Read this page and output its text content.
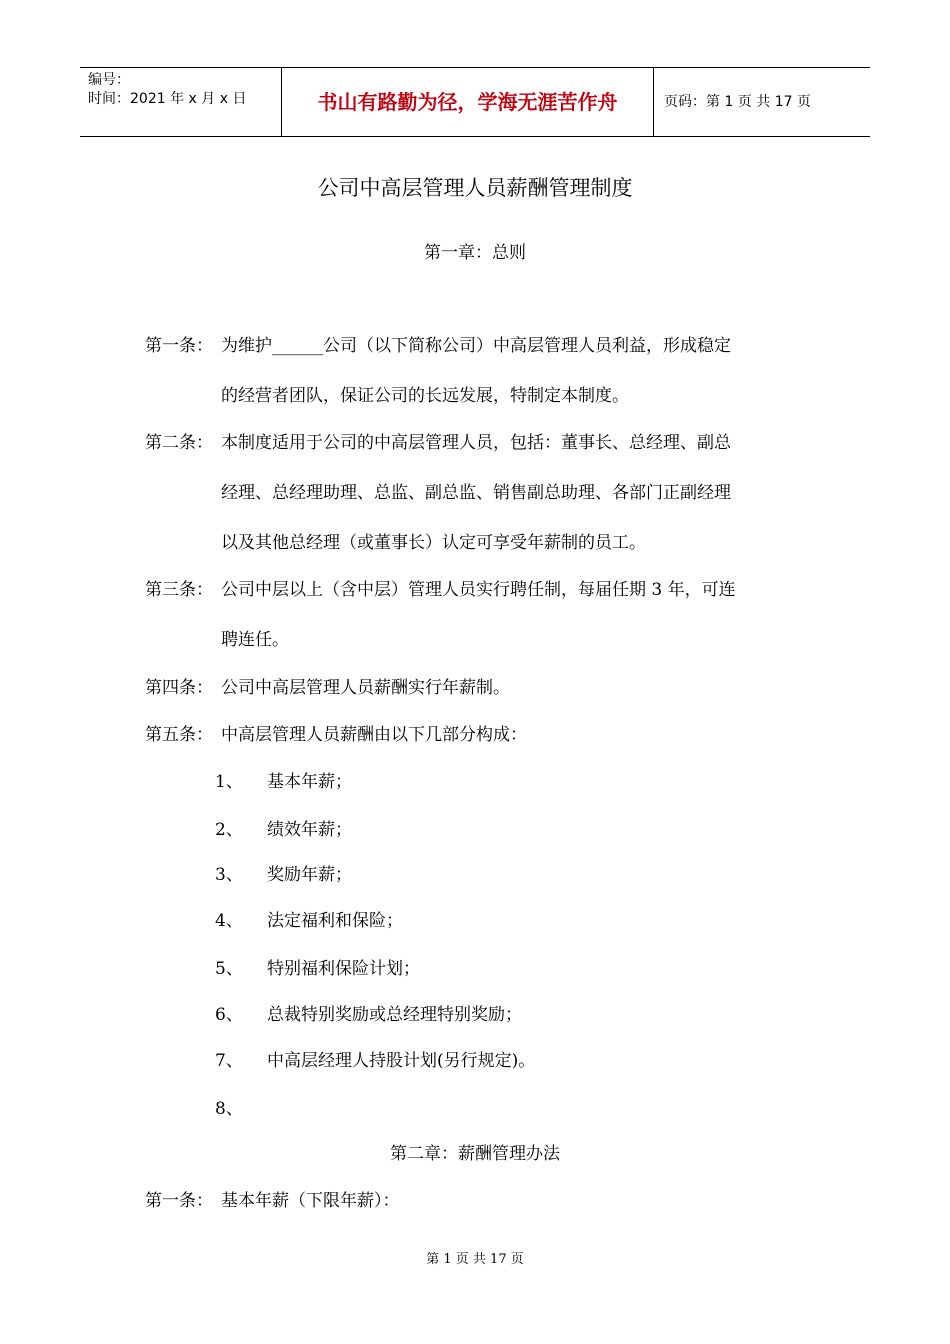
编号：
时间：2021 年 x 月 x 日	书山有路勤为径，学海无涯苦作舟	页码：第 1 页 共 17 页
公司中高层管理人员薪酬管理制度
第一章：总则
第一条： 为维护______公司（以下简称公司）中高层管理人员利益，形成稳定
的经营者团队，保证公司的长远发展，特制定本制度。
第二条： 本制度适用于公司的中高层管理人员，包括：董事长、总经理、副总
经理、总经理助理、总监、副总监、销售副总助理、各部门正副经理
以及其他总经理（或董事长）认定可享受年薪制的员工。
第三条： 公司中层以上（含中层）管理人员实行聘任制，每届任期 3 年，可连
聘连任。
第四条： 公司中高层管理人员薪酬实行年薪制。
第五条： 中高层管理人员薪酬由以下几部分构成：
1、 基本年薪；
2、 绩效年薪；
3、 奖励年薪；
4、 法定福利和保险；
5、 特别福利保险计划；
6、 总裁特别奖励或总经理特别奖励；
7、 中高层经理人持股计划(另行规定)。
8、
第二章：薪酬管理办法
第一条： 基本年薪（下限年薪）：
第 1 页 共 17 页
